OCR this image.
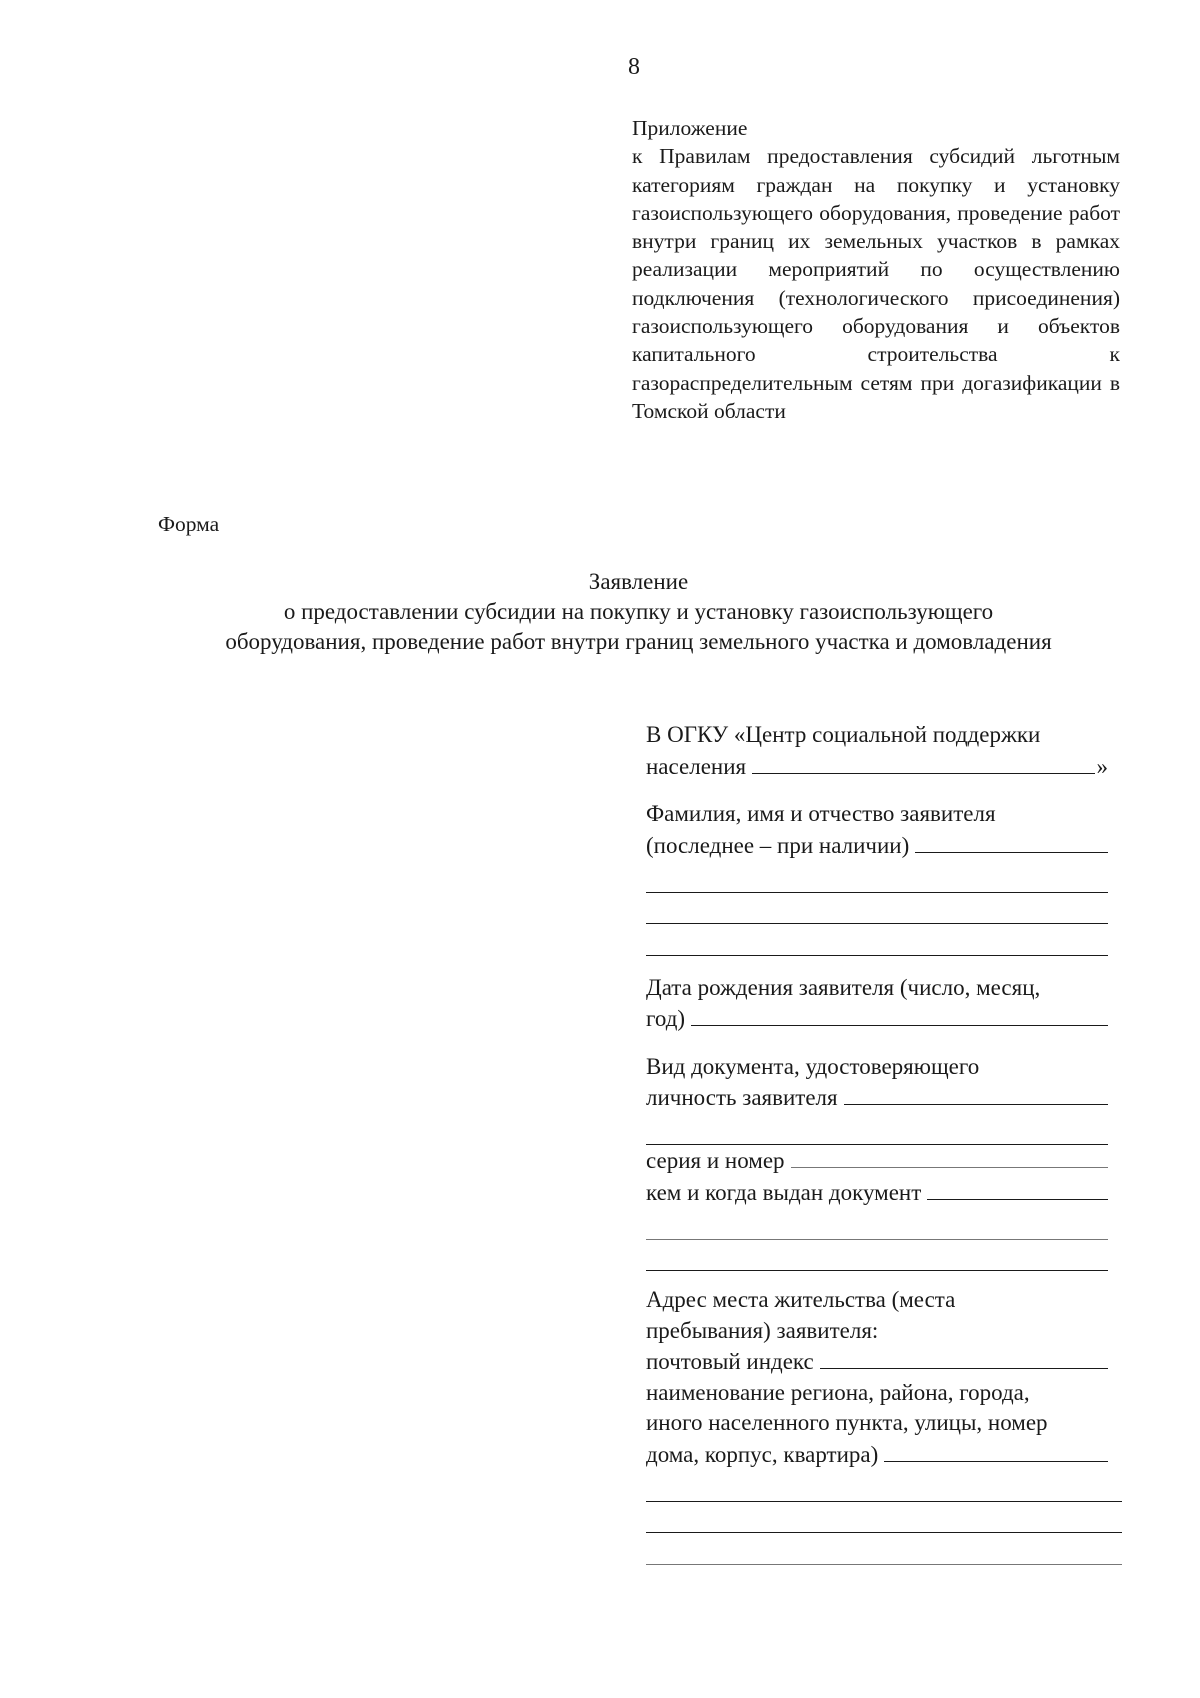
8
Приложение
к Правилам предоставления субсидий льготным категориям граждан на покупку и установку газоиспользующего оборудования, проведение работ внутри границ их земельных участков в рамках реализации мероприятий по осуществлению подключения (технологического присоединения) газоиспользующего оборудования и объектов капитального строительства к газораспределительным сетям при догазификации в Томской области
Форма
Заявление
о предоставлении субсидии на покупку и установку газоиспользующего
оборудования, проведение работ внутри границ земельного участка и домовладения
В ОГКУ «Центр социальной поддержки
населения	»
Фамилия, имя и отчество заявителя
(последнее – при наличии)
Дата рождения заявителя (число, месяц,
год)
Вид документа, удостоверяющего
личность заявителя
серия и номер
кем и когда выдан документ
Адрес места жительства (места
пребывания) заявителя:
почтовый индекс
наименование региона, района, города,
иного населенного пункта, улицы, номер
дома, корпус, квартира)
